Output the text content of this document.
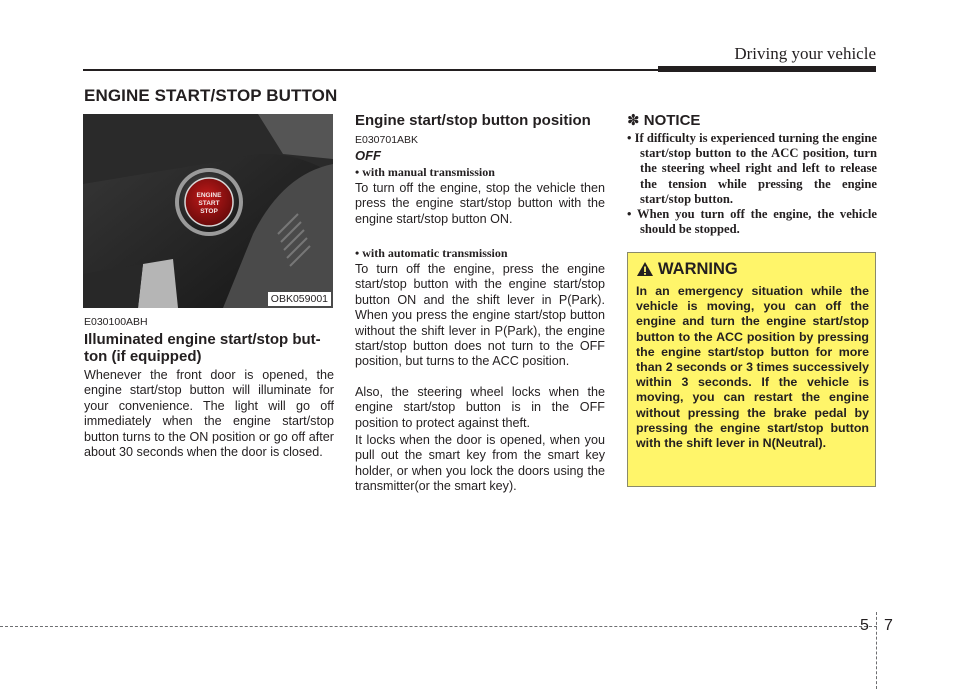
Driving your vehicle
ENGINE START/STOP BUTTON
ENGINE
START
STOP
OBK059001
E030100ABH
Illuminated engine start/stop but-
ton (if equipped)
Whenever the front door is opened, the engine start/stop button will illuminate for your convenience. The light will go off immediately when the engine start/stop button turns to the ON position or go off after about 30 seconds when the door is closed.
Engine start/stop button position
E030701ABK
OFF
• with manual transmission
To turn off the engine, stop the vehicle then press the engine start/stop button with the engine start/stop button ON.
• with automatic transmission
To turn off the engine, press the engine start/stop button with the engine start/stop button ON and the shift lever in P(Park). When you press the engine start/stop button without the shift lever in P(Park), the engine start/stop button does not turn to the OFF position, but turns to the ACC position.
Also, the steering wheel locks when the engine start/stop button is in the OFF position to protect against theft.
It locks when the door is opened, when you pull out the smart key from the smart key holder, or when you lock the doors using the transmitter(or the smart key).
✽ NOTICE
• If difficulty is experienced turning the engine start/stop button to the ACC position, turn the steering wheel right and left to release the tension while pressing the engine start/stop button.
• When you turn off the engine, the vehicle should be stopped.
WARNING
In an emergency situation while the vehicle is moving, you can off the engine and turn the engine start/stop button to the ACC position by pressing the engine start/stop button for more than 2 seconds or 3 times successively within 3 seconds. If the vehicle is moving, you can restart the engine without pressing the brake pedal by pressing the engine start/stop button with the shift lever in N(Neutral).
5 7
